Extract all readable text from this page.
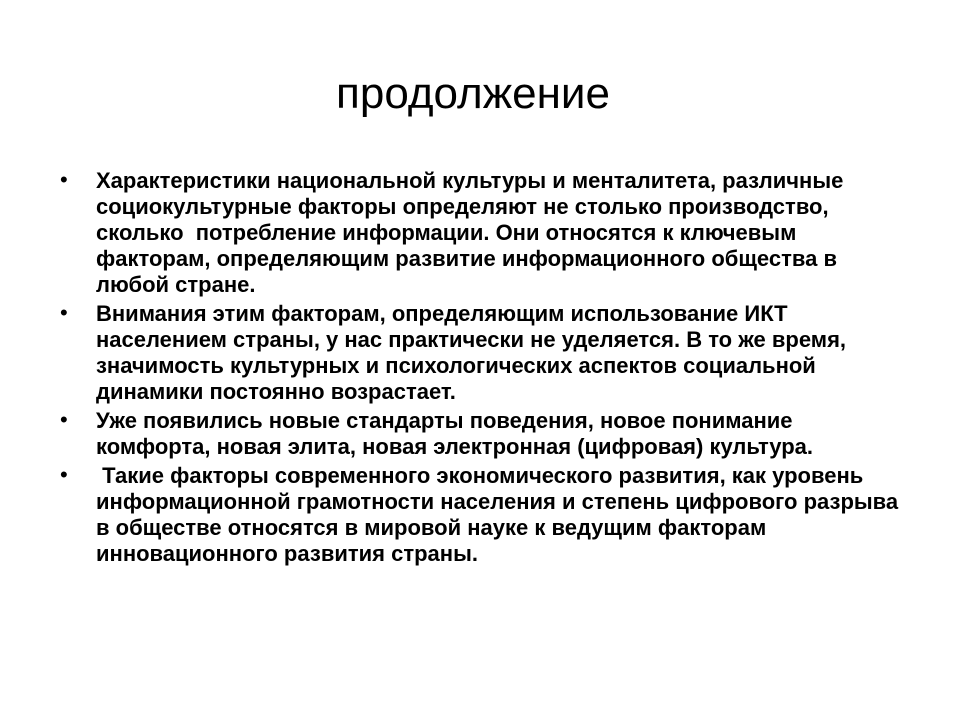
продолжение
• Характеристики национальной культуры и менталитета, различные социокультурные факторы определяют не столько производство, сколько  потребление информации. Они относятся к ключевым факторам, определяющим развитие информационного общества в любой стране.
• Внимания этим факторам, определяющим использование ИКТ населением страны, у нас практически не уделяется. В то же время, значимость культурных и психологических аспектов социальной динамики постоянно возрастает.
• Уже появились новые стандарты поведения, новое понимание комфорта, новая элита, новая электронная (цифровая) культура.
• Такие факторы современного экономического развития, как уровень информационной грамотности населения и степень цифрового разрыва в обществе относятся в мировой науке к ведущим факторам инновационного развития страны.
